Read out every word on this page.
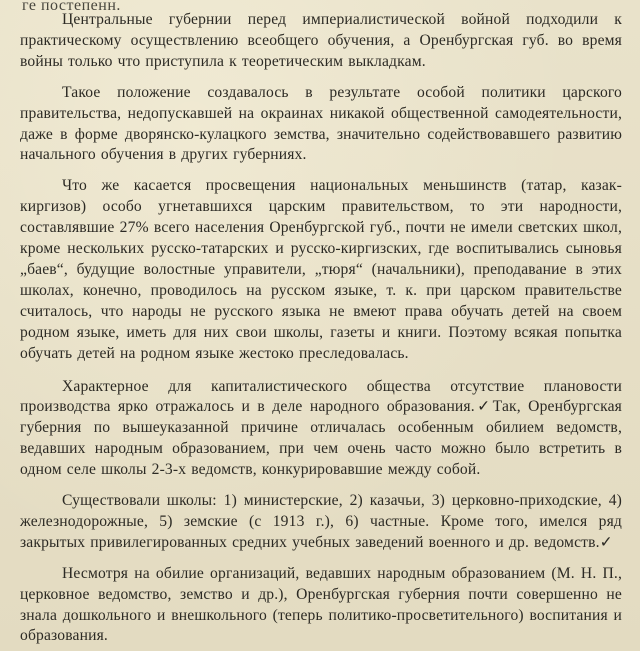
ге постепенн.

Центральные губернии перед империалистической войной подходили к практическому осуществлению всеобщего обучения, а Оренбургская губ. во время войны только что приступила к теоретическим выкладкам.

Такое положение создавалось в результате особой политики царского правительства, недопускавшей на окраинах никакой общественной самодеятельности, даже в форме дворянско-кулацкого земства, значительно содействовавшего развитию начального обучения в других губерниях.

Что же касается просвещения национальных меньшинств (татар, казак-киргизов) особо угнетавшихся царским правительством, то эти народности, составлявшие 27% всего населения Оренбургской губ., почти не имели светских школ, кроме нескольких русско-татарских и русско-киргизских, где воспитывались сыновья „баев“, будущие волостные управители, „тюря“ (начальники), преподавание в этих школах, конечно, проводилось на русском языке, т. к. при царском правительстве считалось, что народы не русского языка не вмеют права обучать детей на своем родном языке, иметь для них свои школы, газеты и книги. Поэтому всякая попытка обучать детей на родном языке жестоко преследовалась.

Характерное для капиталистического общества отсутствие плановости производства ярко отражалось и в деле народного образования.✓Так, Оренбургская губерния по вышеуказанной причине отличалась особенным обилием ведомств, ведавших народным образованием, при чем очень часто можно было встретить в одном селе школы 2-3-х ведомств, конкурировавшие между собой.

Существовали школы: 1) министерские, 2) казачьи, 3) церковно-приходские, 4) железнодорожные, 5) земские (с 1913 г.), 6) частные. Кроме того, имелся ряд закрытых привилегированных средних учебных заведений военного и др. ведомств.✓

Несмотря на обилие организаций, ведавших народным образованием (М. Н. П., церковное ведомство, земство и др.), Оренбургская губерния почти совершенно не знала дошкольного и внешкольного (теперь политико-просветительного) воспитания и образования.
